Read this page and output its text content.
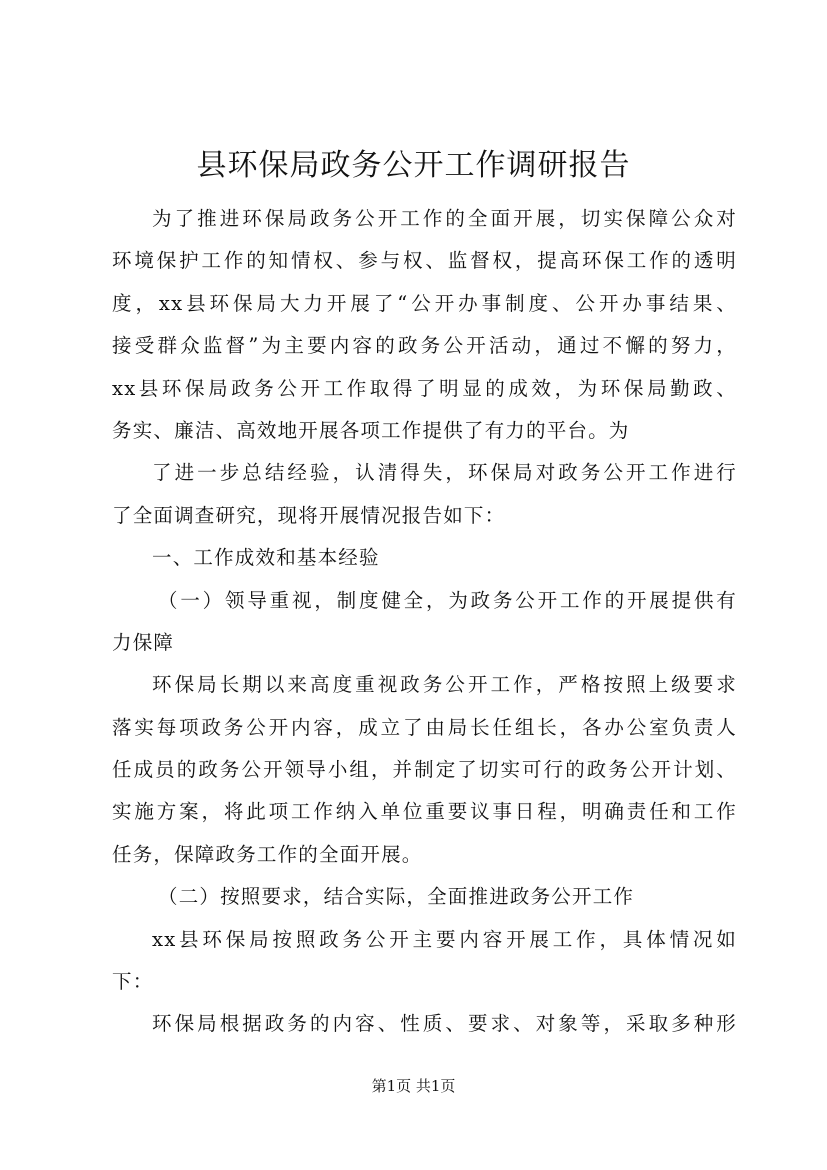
县环保局政务公开工作调研报告
为了推进环保局政务公开工作的全面开展，切实保障公众对
环境保护工作的知情权、参与权、监督权，提高环保工作的透明
度，xx县环保局大力开展了“公开办事制度、公开办事结果、
接受群众监督”为主要内容的政务公开活动，通过不懈的努力，
xx县环保局政务公开工作取得了明显的成效，为环保局勤政、
务实、廉洁、高效地开展各项工作提供了有力的平台。为
了进一步总结经验，认清得失，环保局对政务公开工作进行
了全面调查研究，现将开展情况报告如下：
一、工作成效和基本经验
（一）领导重视，制度健全，为政务公开工作的开展提供有
力保障
环保局长期以来高度重视政务公开工作，严格按照上级要求
落实每项政务公开内容，成立了由局长任组长，各办公室负责人
任成员的政务公开领导小组，并制定了切实可行的政务公开计划、
实施方案，将此项工作纳入单位重要议事日程，明确责任和工作
任务，保障政务工作的全面开展。
（二）按照要求，结合实际，全面推进政务公开工作
xx县环保局按照政务公开主要内容开展工作，具体情况如
下：
环保局根据政务的内容、性质、要求、对象等，采取多种形
第1页 共1页
